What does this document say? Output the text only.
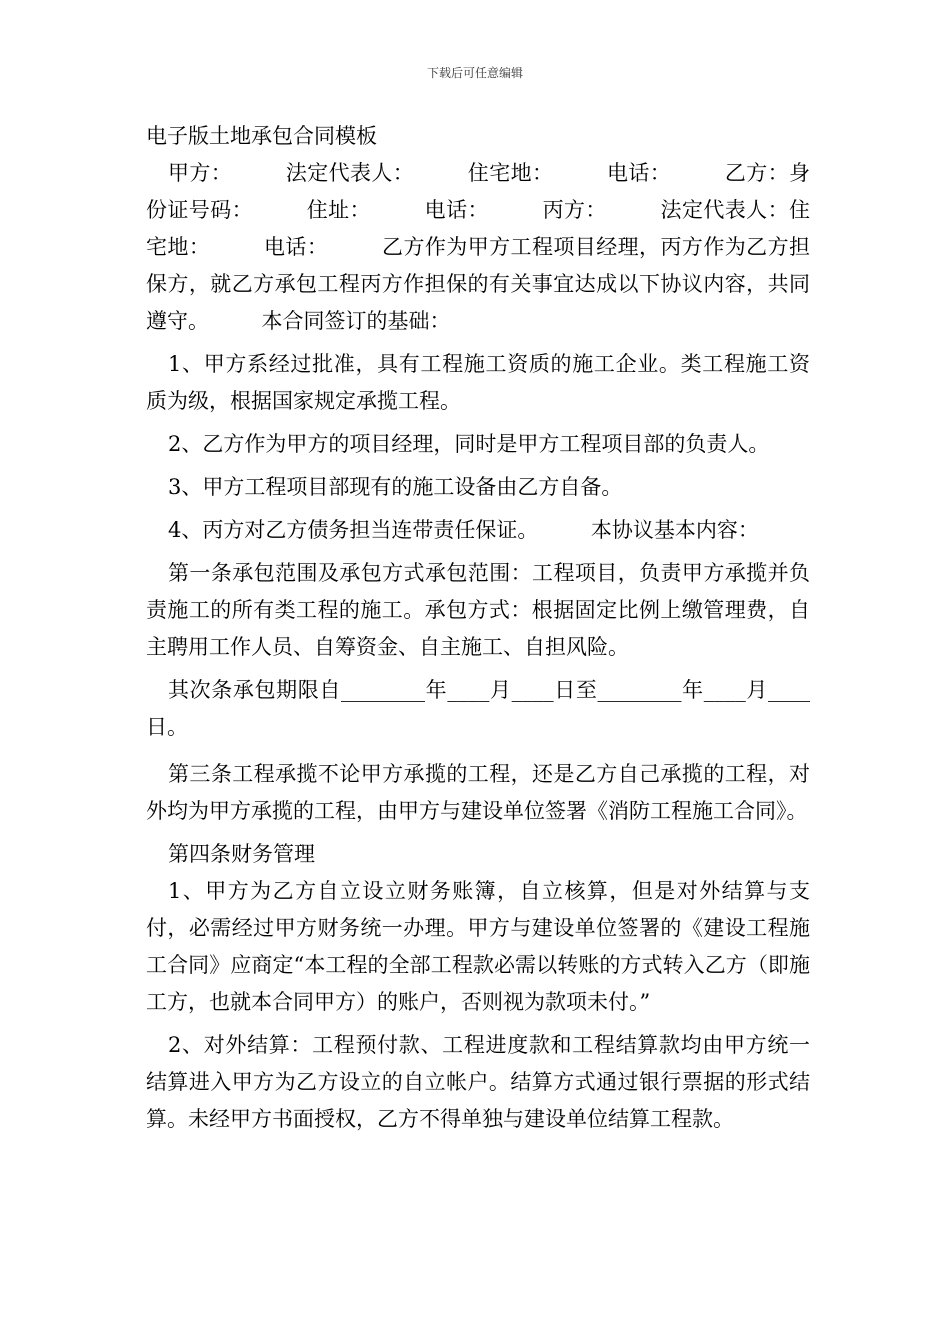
下载后可任意编辑
电子版土地承包合同模板

甲方：　　　法定代表人：　　　住宅地：　　　电话：　　　乙方：身份证号码：　　　住址：　　　电话：　　　丙方：　　　法定代表人：住宅地：　　　电话：　　　乙方作为甲方工程项目经理，丙方作为乙方担保方，就乙方承包工程丙方作担保的有关事宜达成以下协议内容，共同遵守。　　　本合同签订的基础：

1、甲方系经过批准，具有工程施工资质的施工企业。类工程施工资质为级，根据国家规定承揽工程。

2、乙方作为甲方的项目经理，同时是甲方工程项目部的负责人。

3、甲方工程项目部现有的施工设备由乙方自备。

4、丙方对乙方债务担当连带责任保证。　　　本协议基本内容：

第一条承包范围及承包方式承包范围：工程项目，负责甲方承揽并负责施工的所有类工程的施工。承包方式：根据固定比例上缴管理费，自主聘用工作人员、自筹资金、自主施工、自担风险。

其次条承包期限自________年____月____日至________年____月____日。

第三条工程承揽不论甲方承揽的工程，还是乙方自己承揽的工程，对外均为甲方承揽的工程，由甲方与建设单位签署《消防工程施工合同》。

第四条财务管理

1、甲方为乙方自立设立财务账簿，自立核算，但是对外结算与支付，必需经过甲方财务统一办理。甲方与建设单位签署的《建设工程施工合同》应商定“本工程的全部工程款必需以转账的方式转入乙方（即施工方，也就本合同甲方）的账户，否则视为款项未付。”

2、对外结算：工程预付款、工程进度款和工程结算款均由甲方统一结算进入甲方为乙方设立的自立帐户。结算方式通过银行票据的形式结算。未经甲方书面授权，乙方不得单独与建设单位结算工程款。
